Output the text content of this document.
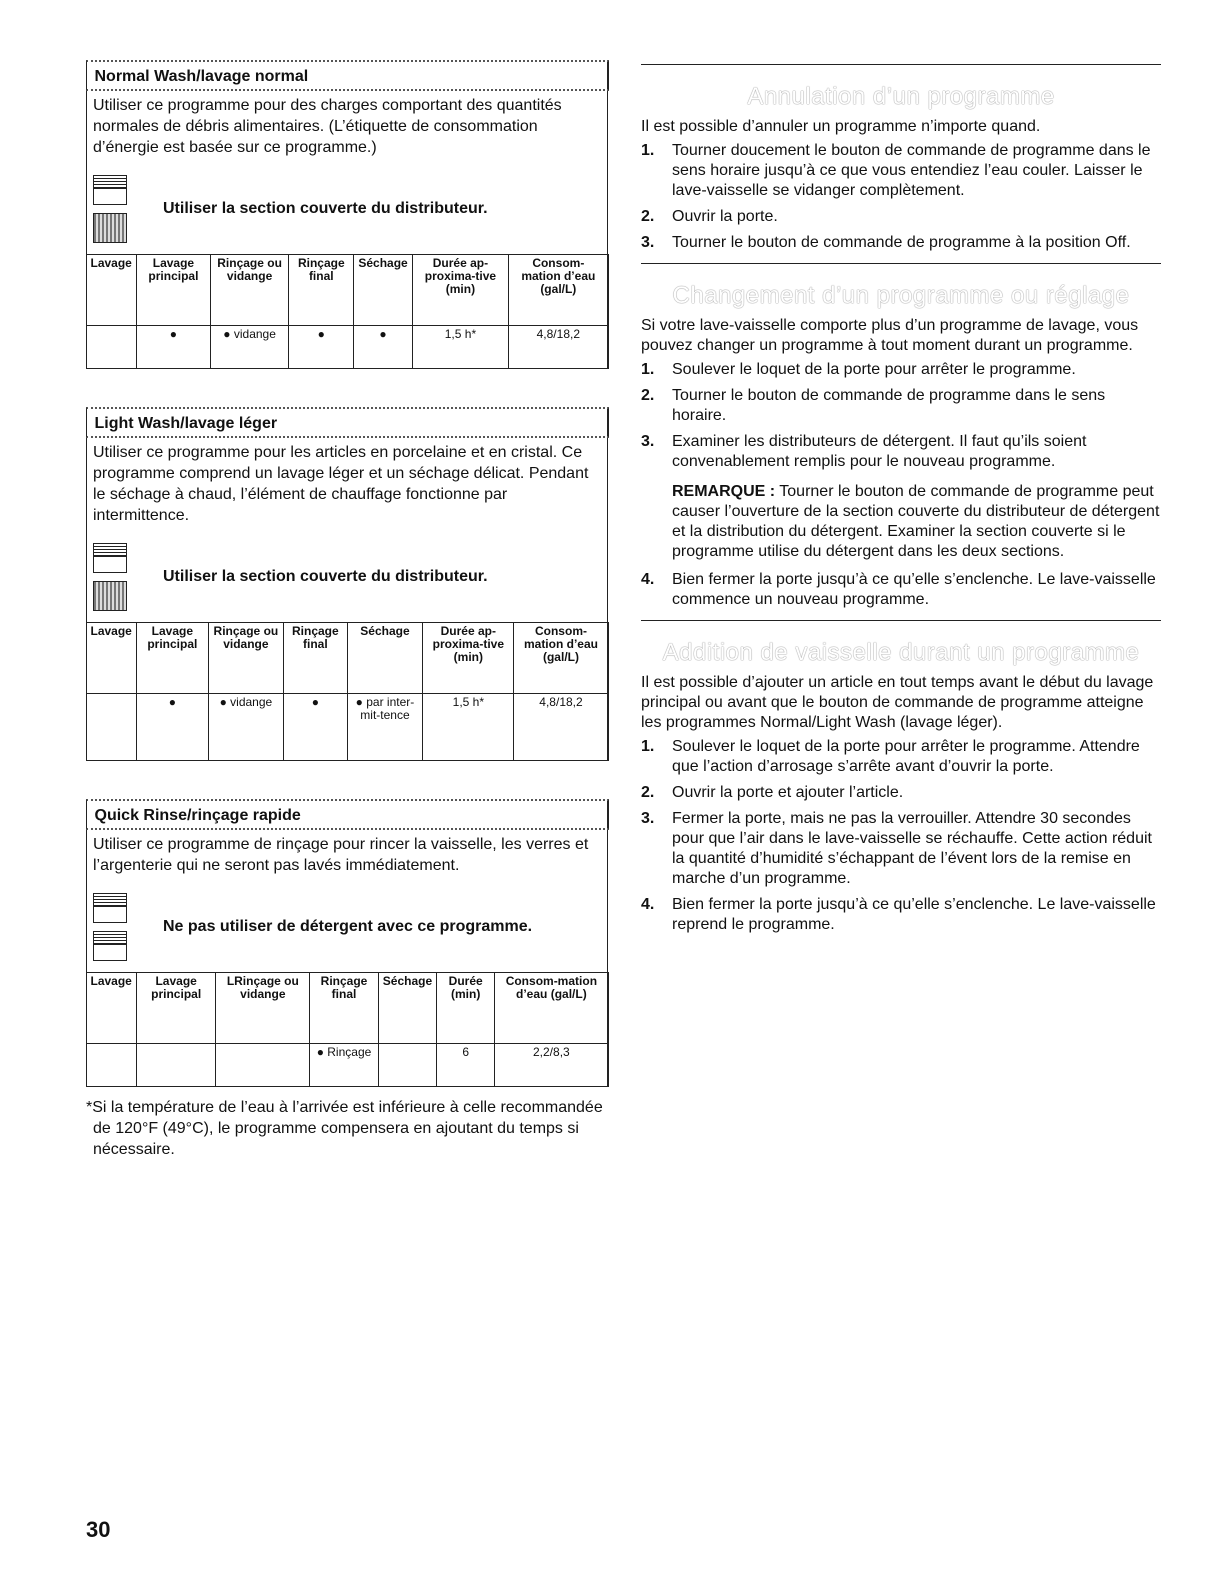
Normal Wash/lavage normal
Utiliser ce programme pour des charges comportant des quantités normales de débris alimentaires. (L’étiquette de consommation d’énergie est basée sur ce programme.)
Utiliser la section couverte du distributeur.
Lavage	Lavage principal	Rinçage ou vidange	Rinçage final	Séchage	Durée ap-proxima-tive (min)	Consom-mation d’eau (gal/L)
	●	● vidange	●	●	1,5 h*	4,8/18,2
Light Wash/lavage léger
Utiliser ce programme pour les articles en porcelaine et en cristal. Ce programme comprend un lavage léger et un séchage délicat. Pendant le séchage à chaud, l’élément de chauffage fonctionne par intermittence.
Utiliser la section couverte du distributeur.
Lavage	Lavage principal	Rinçage ou vidange	Rinçage final	Séchage	Durée ap-proxima-tive (min)	Consom-mation d’eau (gal/L)
	●	● vidange	●	● par inter-mit-tence	1,5 h*	4,8/18,2
Quick Rinse/rinçage rapide
Utiliser ce programme de rinçage pour rincer la vaisselle, les verres et l’argenterie qui ne seront pas lavés immédiatement.
Ne pas utiliser de détergent avec ce programme.
Lavage	Lavage principal	LRinçage ou vidange	Rinçage final	Séchage	Durée (min)	Consom-mation d’eau (gal/L)
			● Rinçage		6	2,2/8,3

*Si la température de l’eau à l’arrivée est inférieure à celle recommandée de 120°F (49°C), le programme compensera en ajoutant du temps si nécessaire.

Annulation d’un programme

Il est possible d’annuler un programme n’importe quand.

1. Tourner doucement le bouton de commande de programme dans le sens horaire jusqu’à ce que vous entendiez l’eau couler. Laisser le lave-vaisselle se vidanger complètement.
2. Ouvrir la porte.
3. Tourner le bouton de commande de programme à la position Off.
Changement d’un programme ou réglage

Si votre lave-vaisselle comporte plus d’un programme de lavage, vous pouvez changer un programme à tout moment durant un programme.

1. Soulever le loquet de la porte pour arrêter le programme.
2. Tourner le bouton de commande de programme dans le sens horaire.
3. Examiner les distributeurs de détergent. Il faut qu’ils soient convenablement remplis pour le nouveau programme.
REMARQUE : Tourner le bouton de commande de programme peut causer l’ouverture de la section couverte du distributeur de détergent et la distribution du détergent. Examiner la section couverte si le programme utilise du détergent dans les deux sections.
4. Bien fermer la porte jusqu’à ce qu’elle s’enclenche. Le lave-vaisselle commence un nouveau programme.
Addition de vaisselle durant un programme

Il est possible d’ajouter un article en tout temps avant le début du lavage principal ou avant que le bouton de commande de programme atteigne les programmes Normal/Light Wash (lavage léger).

1. Soulever le loquet de la porte pour arrêter le programme. Attendre que l’action d’arrosage s’arrête avant d’ouvrir la porte.
2. Ouvrir la porte et ajouter l’article.
3. Fermer la porte, mais ne pas la verrouiller. Attendre 30 secondes pour que l’air dans le lave-vaisselle se réchauffe. Cette action réduit la quantité d’humidité s’échappant de l’évent lors de la remise en marche d’un programme.
4. Bien fermer la porte jusqu’à ce qu’elle s’enclenche. Le lave-vaisselle reprend le programme.
30
